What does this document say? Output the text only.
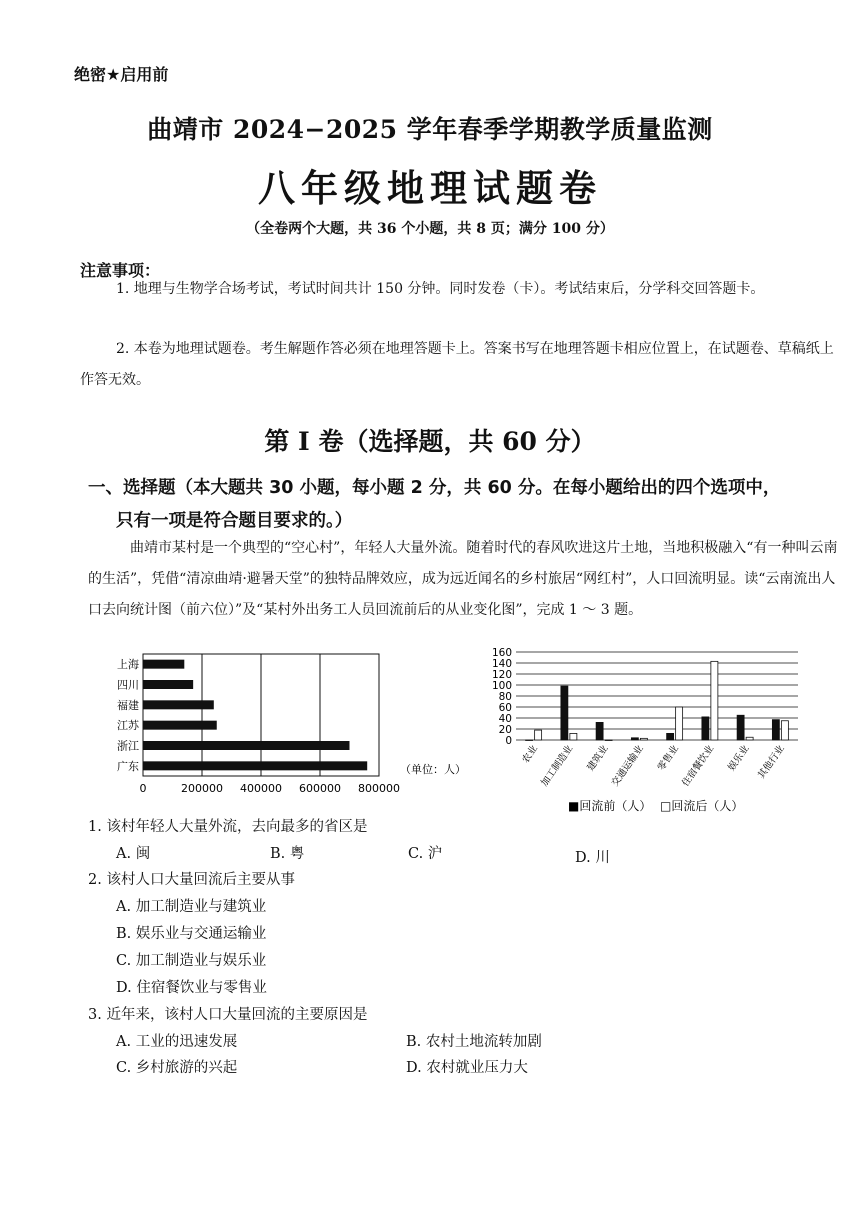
绝密★启用前
曲靖市 2024−2025 学年春季学期教学质量监测
八年级地理试题卷
（全卷两个大题，共 36 个小题，共 8 页；满分 100 分）
注意事项：
1. 地理与生物学合场考试，考试时间共计 150 分钟。同时发卷（卡）。考试结束后，分学科交回答题卡。
2. 本卷为地理试题卷。考生解题作答必须在地理答题卡上。答案书写在地理答题卡相应位置上，在试题卷、草稿纸上作答无效。
第 I 卷（选择题，共 60 分）
一、选择题（本大题共 30 小题，每小题 2 分，共 60 分。在每小题给出的四个选项中，
只有一项是符合题目要求的。）
曲靖市某村是一个典型的“空心村”，年轻人大量外流。随着时代的春风吹进这片土地，当地积极融入“有一种叫云南的生活”，凭借“清凉曲靖·避暑天堂”的独特品牌效应，成为远近闻名的乡村旅居“网红村”，人口回流明显。读“云南流出人口去向统计图（前六位）”及“某村外出务工人员回流前后的从业变化图”，完成 1 ～ 3 题。
上海
四川
福建
江苏
浙江
广东
0	200000 400000 600000 800000
（单位：人）
0
20
40
60
80
100
120
140
160
农业
加工制造业 建筑业
交通运输业 零售业
住宿餐饮业 娱乐业 其他行业
■回流前（人） □回流后（人）
1. 该村年轻人大量外流，去向最多的省区是
A. 闽	B. 粤	C. 沪	D. 川
2. 该村人口大量回流后主要从事
A. 加工制造业与建筑业
B. 娱乐业与交通运输业
C. 加工制造业与娱乐业
D. 住宿餐饮业与零售业
3. 近年来，该村人口大量回流的主要原因是
A. 工业的迅速发展	B. 农村土地流转加剧
C. 乡村旅游的兴起	D. 农村就业压力大
